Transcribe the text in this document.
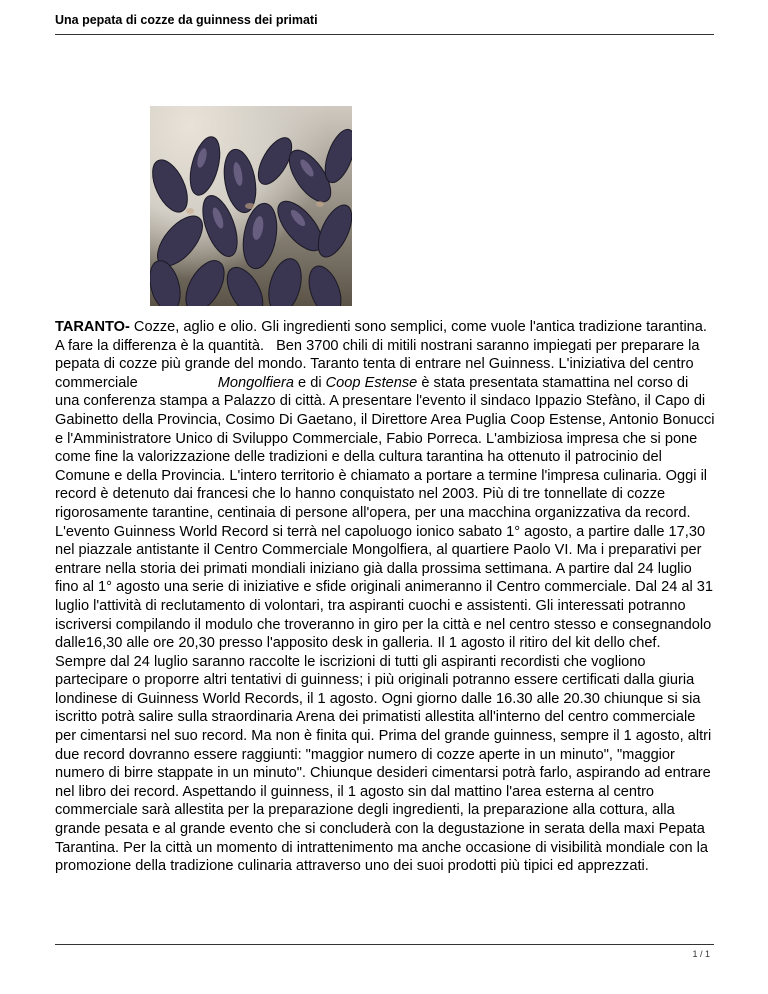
Una pepata di cozze da guinness dei primati
TARANTO- Cozze, aglio e olio. Gli ingredienti sono semplici, come vuole l'antica tradizione tarantina. A fare la differenza è la quantità. Ben 3700 chili di mitili nostrani saranno impiegati per preparare la pepata di cozze più grande del mondo. Taranto tenta di entrare nel Guinness. L'iniziativa del centro commerciale	Mongolfiera e di Coop Estense è stata presentata stamattina nel corso di una conferenza stampa a Palazzo di città. A presentare l'evento il sindaco Ippazio Stefàno, il Capo di Gabinetto della Provincia, Cosimo Di Gaetano, il Direttore Area Puglia Coop Estense, Antonio Bonucci e l'Amministratore Unico di Sviluppo Commerciale, Fabio Porreca. L'ambiziosa impresa che si pone come fine la valorizzazione delle tradizioni e della cultura tarantina ha ottenuto il patrocinio del Comune e della Provincia. L'intero territorio è chiamato a portare a termine l'impresa culinaria. Oggi il record è detenuto dai francesi che lo hanno conquistato nel 2003. Più di tre tonnellate di cozze rigorosamente tarantine, centinaia di persone all'opera, per una macchina organizzativa da record. L'evento Guinness World Record si terrà nel capoluogo ionico sabato 1° agosto, a partire dalle 17,30 nel piazzale antistante il Centro Commerciale Mongolfiera, al quartiere Paolo VI. Ma i preparativi per entrare nella storia dei primati mondiali iniziano già dalla prossima settimana. A partire dal 24 luglio fino al 1° agosto una serie di iniziative e sfide originali animeranno il Centro commerciale. Dal 24 al 31 luglio l'attività di reclutamento di volontari, tra aspiranti cuochi e assistenti. Gli interessati potranno iscriversi compilando il modulo che troveranno in giro per la città e nel centro stesso e consegnandolo dalle16,30 alle ore 20,30 presso l'apposito desk in galleria. Il 1 agosto il ritiro del kit dello chef. Sempre dal 24 luglio saranno raccolte le iscrizioni di tutti gli aspiranti recordisti che vogliono partecipare o proporre altri tentativi di guinness; i più originali potranno essere certificati dalla giuria londinese di Guinness World Records, il 1 agosto. Ogni giorno dalle 16.30 alle 20.30 chiunque si sia iscritto potrà salire sulla straordinaria Arena dei primatisti allestita all'interno del centro commerciale per cimentarsi nel suo record. Ma non è finita qui. Prima del grande guinness, sempre il 1 agosto, altri due record dovranno essere raggiunti: "maggior numero di cozze aperte in un minuto", "maggior numero di birre stappate in un minuto". Chiunque desideri cimentarsi potrà farlo, aspirando ad entrare nel libro dei record. Aspettando il guinness, il 1 agosto sin dal mattino l'area esterna al centro commerciale sarà allestita per la preparazione degli ingredienti, la preparazione alla cottura, alla grande pesata e al grande evento che si concluderà con la degustazione in serata della maxi Pepata Tarantina. Per la città un momento di intrattenimento ma anche occasione di visibilità mondiale con la promozione della tradizione culinaria attraverso uno dei suoi prodotti più tipici ed apprezzati.
1 / 1
